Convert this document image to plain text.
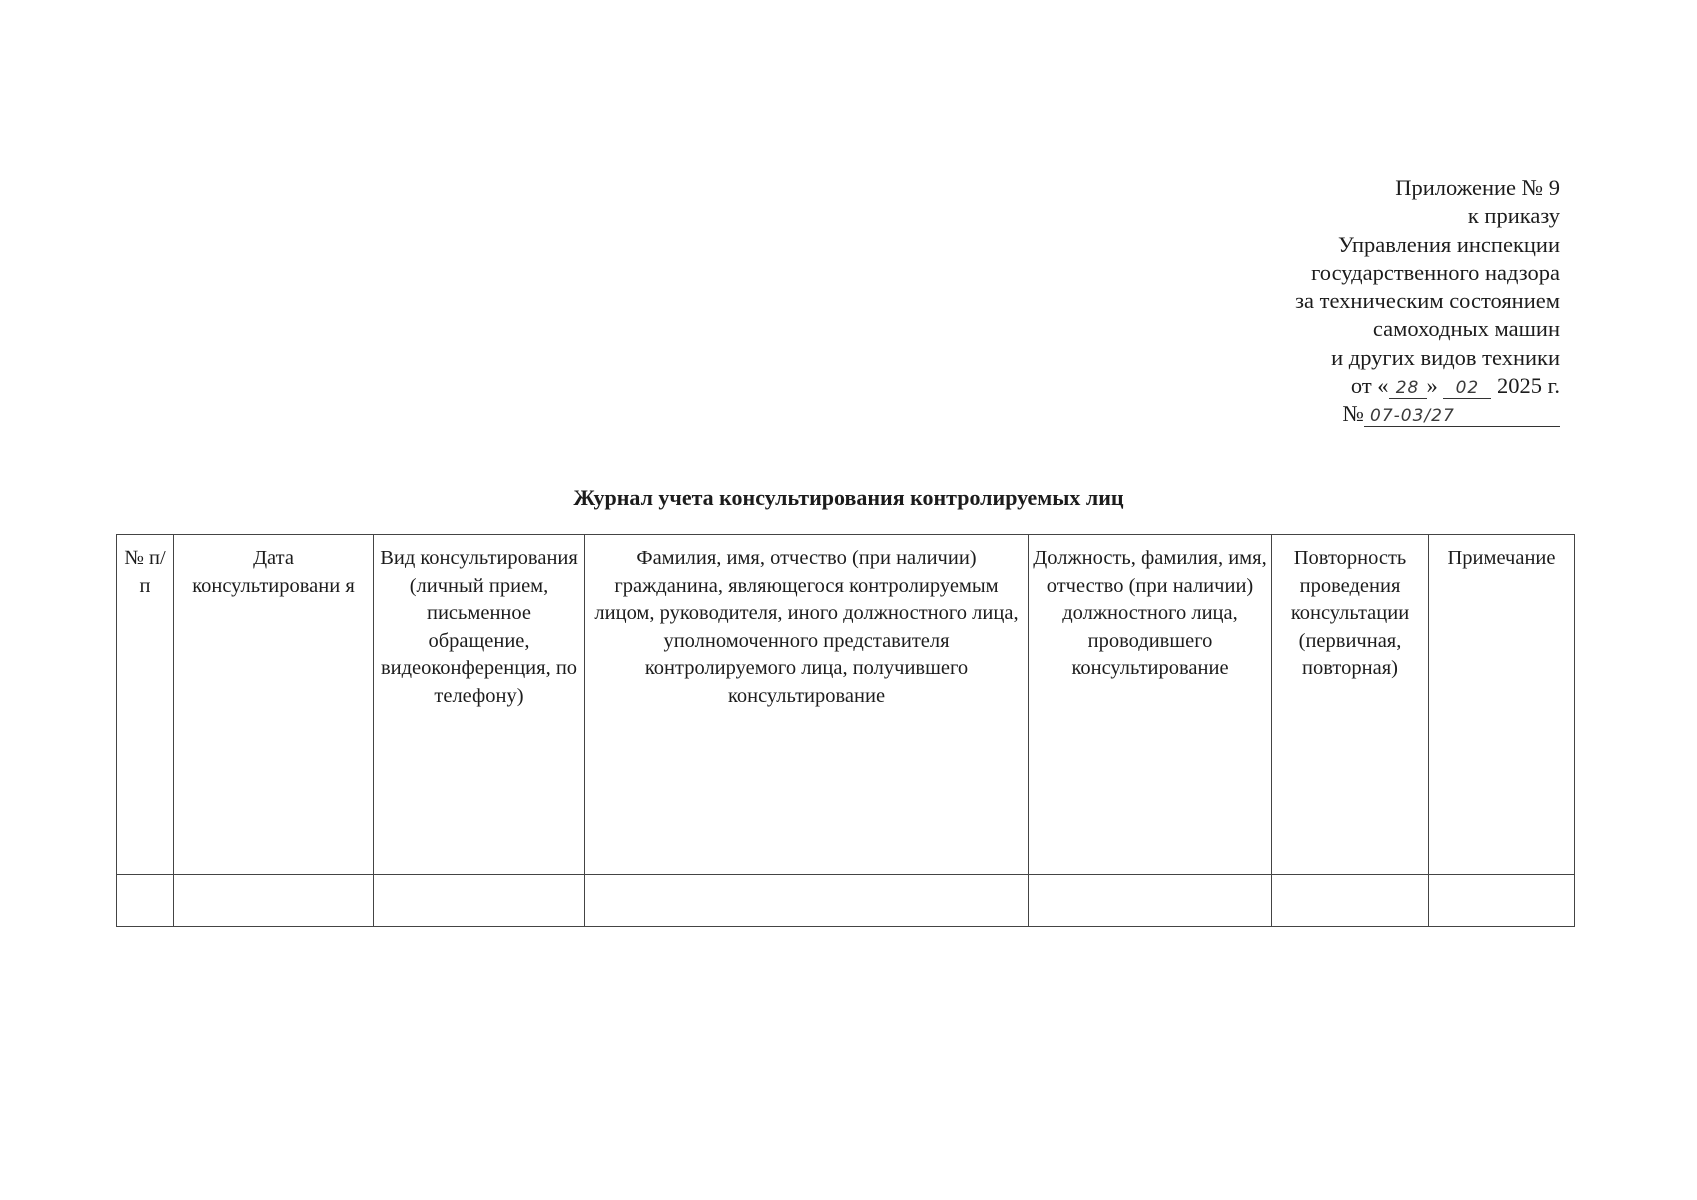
Приложение № 9
к приказу
Управления инспекции
государственного надзора
за техническим состоянием
самоходных машин
и других видов техники
от « 28 » 02 2025 г.
№ 07-03/27
Журнал учета консультирования контролируемых лиц
№ п/п	Дата консультировани я	Вид консультирования (личный прием, письменное обращение, видеоконференция, по телефону)	Фамилия, имя, отчество (при наличии) гражданина, являющегося контролируемым лицом, руководителя, иного должностного лица, уполномоченного представителя контролируемого лица, получившего консультирование	Должность, фамилия, имя, отчество (при наличии) должностного лица, проводившего консультирование	Повторность проведения консультации (первичная, повторная)	Примечание
